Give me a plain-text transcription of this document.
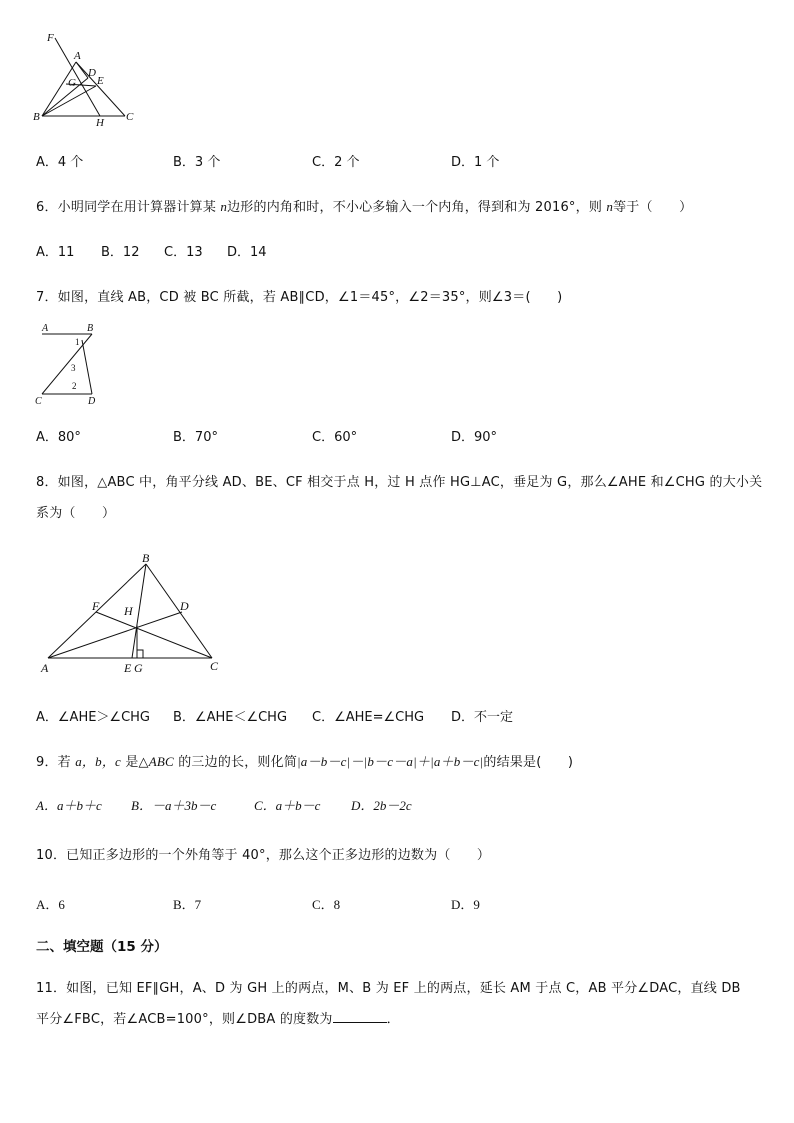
F
A
G
D
E
B	H C
A．4 个	B．3 个	C．2 个	D．1 个
6．小明同学在用计算器计算某 n边形的内角和时，不小心多输入一个内角，得到和为 2016°，则 n等于（　　）
A．11 B．12 C．13 D．14
7．如图，直线 AB，CD 被 BC 所截，若 AB∥CD，∠1＝45°，∠2＝35°，则∠3＝(　　)
A	B
1
3
2
C	D
A．80°	B．70°	C．60°	D．90°
8．如图，△ABC 中，角平分线 AD、BE、CF 相交于点 H，过 H 点作 HG⊥AC，垂足为 G，那么∠AHE 和∠CHG 的大小关
系为（　　）
B
F H	D
A	E G	C
A．∠AHE＞∠CHG B．∠AHE＜∠CHG C．∠AHE=∠CHG D．不一定
9．若 a，b，c 是△ABC 的三边的长，则化简|a－b－c|－|b－c－a|＋|a＋b－c|的结果是(　　)
A．a＋b＋c B．－a＋3b－c	C．a＋b－c D．2b－2c
10．已知正多边形的一个外角等于 40°，那么这个正多边形的边数为（　　）
A．6	B．7	C．8	D．9
二、填空题（15 分）
11．如图，已知 EF∥GH，A、D 为 GH 上的两点，M、B 为 EF 上的两点，延长 AM 于点 C，AB 平分∠DAC，直线 DB
平分∠FBC，若∠ACB=100°，则∠DBA 的度数为	．
